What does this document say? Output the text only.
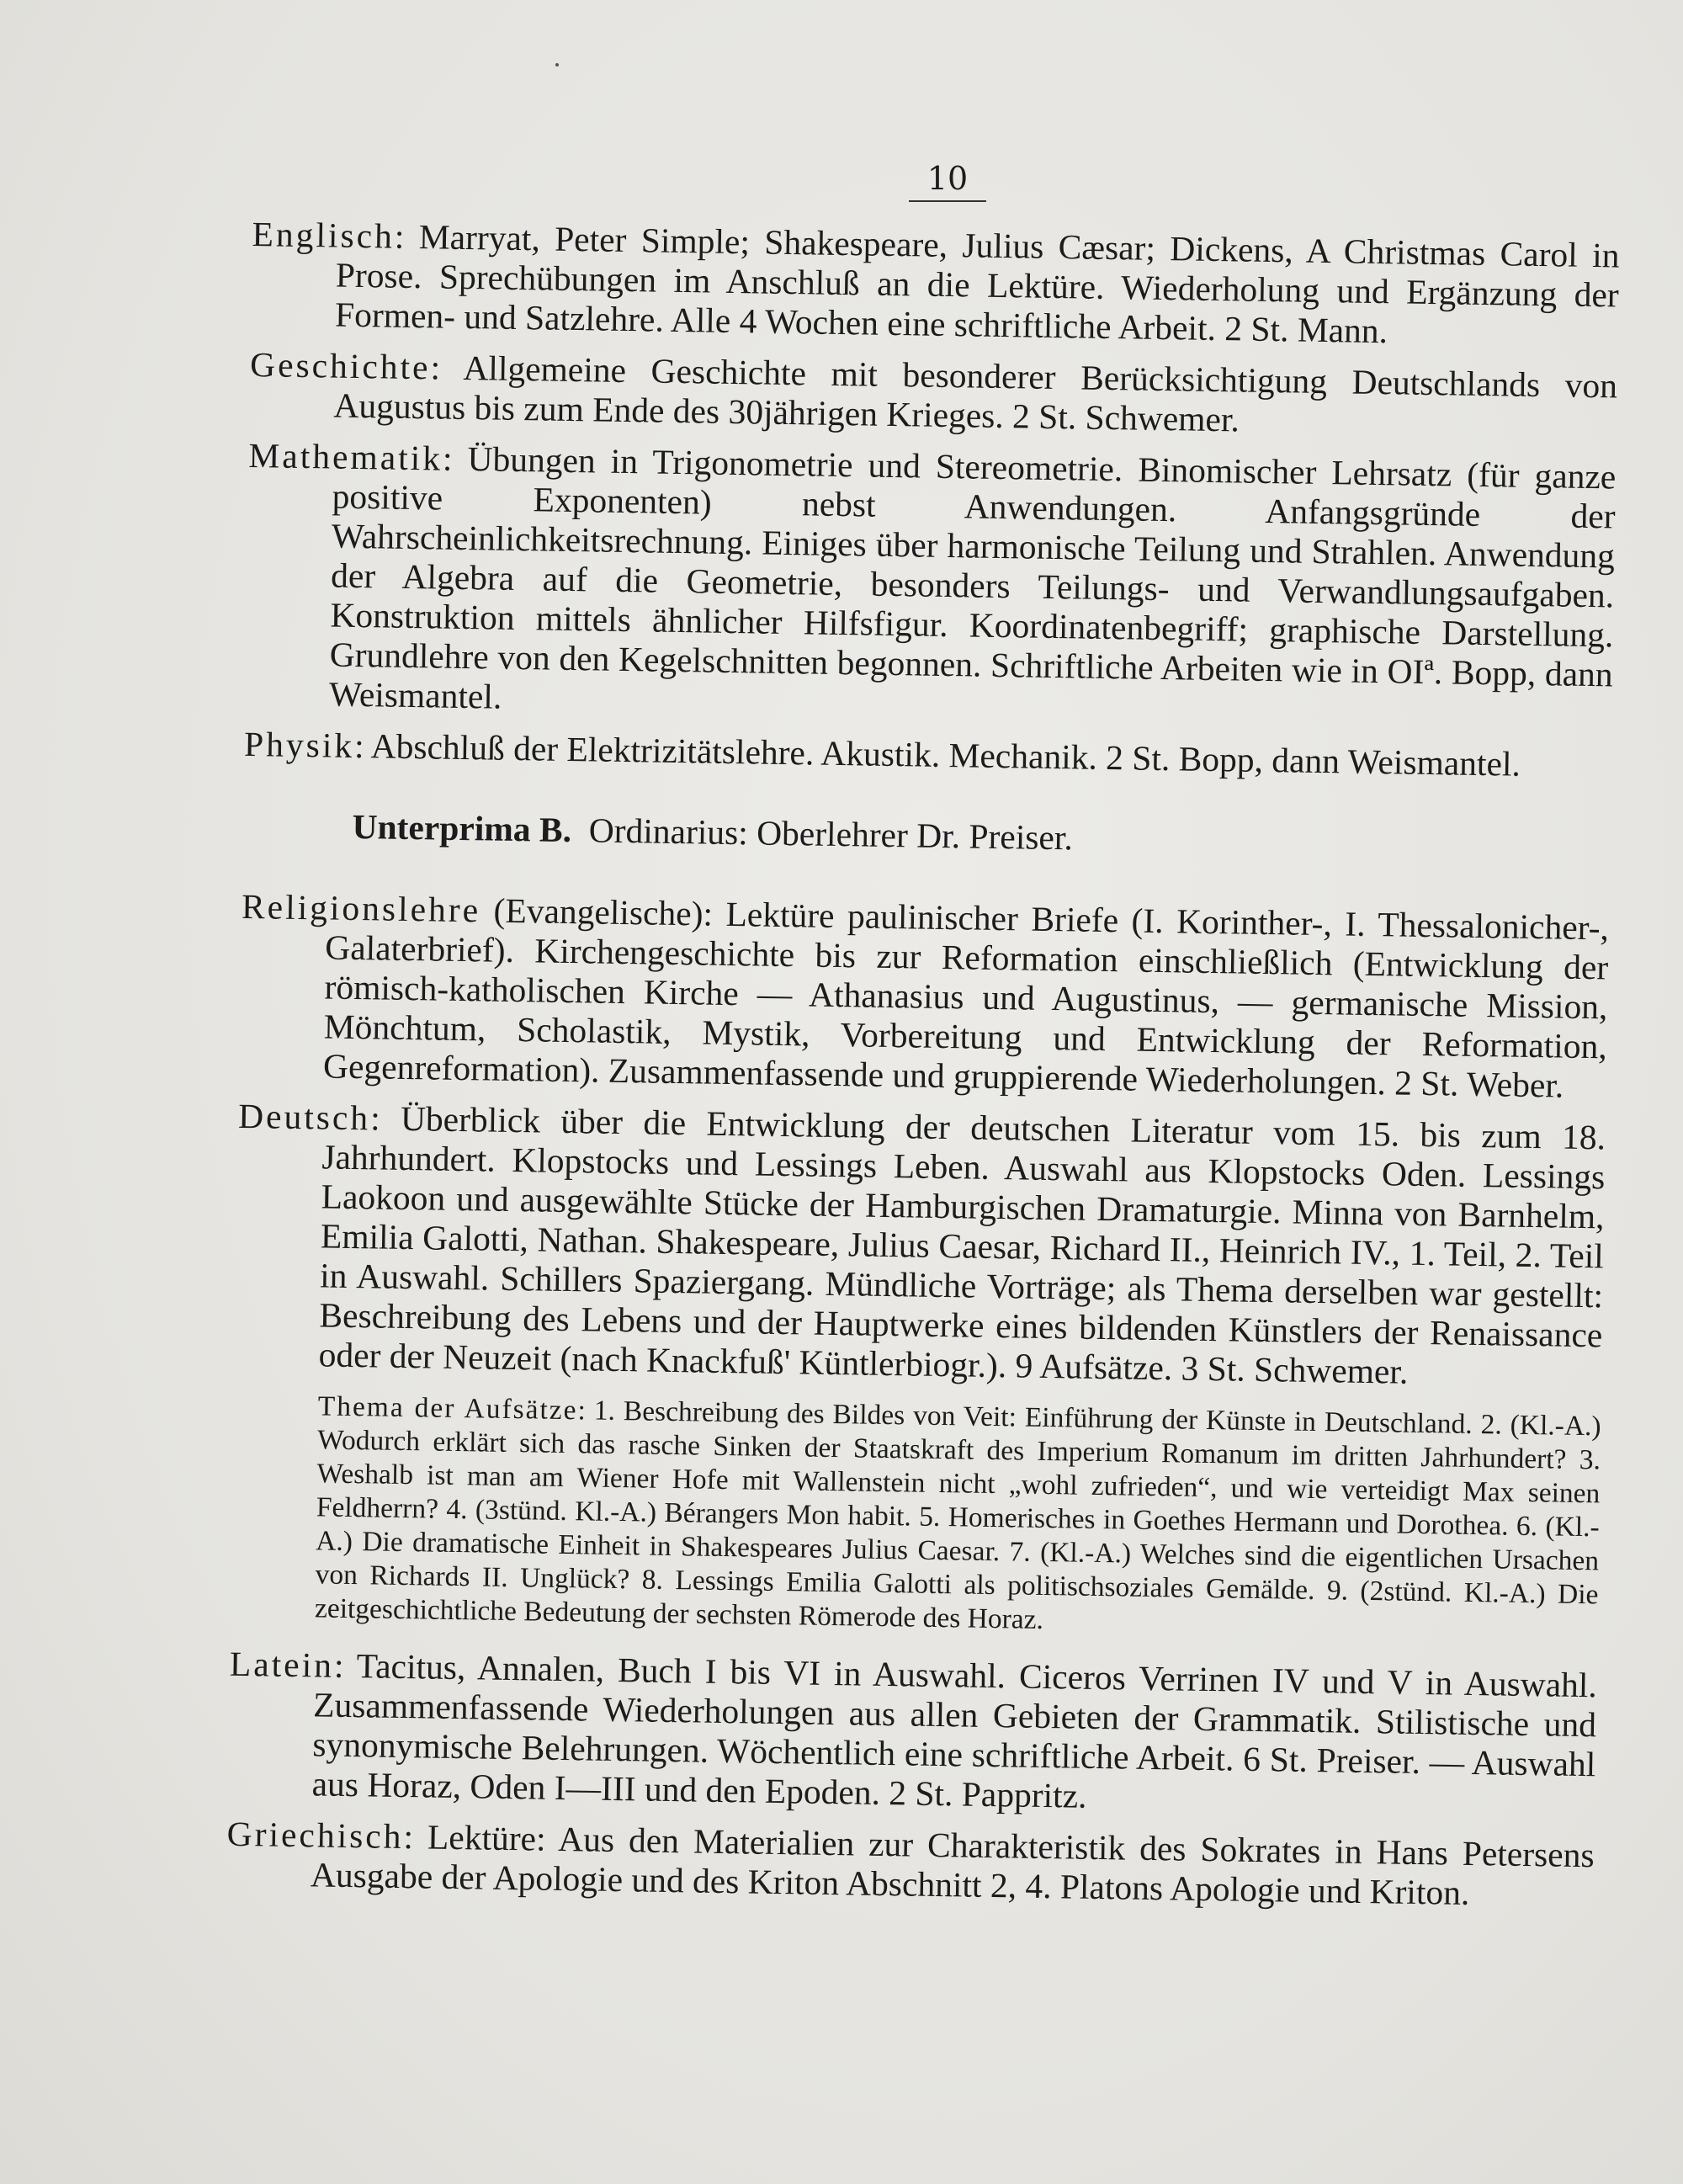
10

Englisch: Marryat, Peter Simple; Shakespeare, Julius Cæsar; Dickens, A Christmas Carol in Prose. Sprechübungen im Anschluß an die Lektüre. Wiederholung und Ergänzung der Formen- und Satzlehre. Alle 4 Wochen eine schriftliche Arbeit. 2 St. Mann.

Geschichte: Allgemeine Geschichte mit besonderer Berücksichtigung Deutschlands von Augustus bis zum Ende des 30jährigen Krieges. 2 St. Schwemer.

Mathematik: Übungen in Trigonometrie und Stereometrie. Binomischer Lehrsatz (für ganze positive Exponenten) nebst Anwendungen. Anfangsgründe der Wahrscheinlichkeitsrechnung. Einiges über harmonische Teilung und Strahlen. Anwendung der Algebra auf die Geometrie, besonders Teilungs- und Verwandlungsaufgaben. Konstruktion mittels ähnlicher Hilfsfigur. Koordinatenbegriff; graphische Darstellung. Grundlehre von den Kegelschnitten begonnen. Schriftliche Arbeiten wie in OIª. Bopp, dann Weismantel.

Physik: Abschluß der Elektrizitätslehre. Akustik. Mechanik. 2 St. Bopp, dann Weismantel.

Unterprima B. Ordinarius: Oberlehrer Dr. Preiser.

Religionslehre (Evangelische): Lektüre paulinischer Briefe (I. Korinther-, I. Thessalonicher-, Galaterbrief). Kirchengeschichte bis zur Reformation einschließlich (Entwicklung der römisch-katholischen Kirche — Athanasius und Augustinus, — germanische Mission, Mönchtum, Scholastik, Mystik, Vorbereitung und Entwicklung der Reformation, Gegenreformation). Zusammenfassende und gruppierende Wiederholungen. 2 St. Weber.

Deutsch: Überblick über die Entwicklung der deutschen Literatur vom 15. bis zum 18. Jahrhundert. Klopstocks und Lessings Leben. Auswahl aus Klopstocks Oden. Lessings Laokoon und ausgewählte Stücke der Hamburgischen Dramaturgie. Minna von Barnhelm, Emilia Galotti, Nathan. Shakespeare, Julius Caesar, Richard II., Heinrich IV., 1. Teil, 2. Teil in Auswahl. Schillers Spaziergang. Mündliche Vorträge; als Thema derselben war gestellt: Beschreibung des Lebens und der Hauptwerke eines bildenden Künstlers der Renaissance oder der Neuzeit (nach Knackfuß' Küntlerbiogr.). 9 Aufsätze. 3 St. Schwemer.

Thema der Aufsätze: 1. Beschreibung des Bildes von Veit: Einführung der Künste in Deutschland. 2. (Kl.-A.) Wodurch erklärt sich das rasche Sinken der Staatskraft des Imperium Romanum im dritten Jahrhundert? 3. Weshalb ist man am Wiener Hofe mit Wallenstein nicht „wohl zufrieden“, und wie verteidigt Max seinen Feldherrn? 4. (3stünd. Kl.-A.) Bérangers Mon habit. 5. Homerisches in Goethes Hermann und Dorothea. 6. (Kl.-A.) Die dramatische Einheit in Shakespeares Julius Caesar. 7. (Kl.-A.) Welches sind die eigentlichen Ursachen von Richards II. Unglück? 8. Lessings Emilia Galotti als politischsoziales Gemälde. 9. (2stünd. Kl.-A.) Die zeitgeschichtliche Bedeutung der sechsten Römerode des Horaz.

Latein: Tacitus, Annalen, Buch I bis VI in Auswahl. Ciceros Verrinen IV und V in Auswahl. Zusammenfassende Wiederholungen aus allen Gebieten der Grammatik. Stilistische und synonymische Belehrungen. Wöchentlich eine schriftliche Arbeit. 6 St. Preiser. — Auswahl aus Horaz, Oden I—III und den Epoden. 2 St. Pappritz.

Griechisch: Lektüre: Aus den Materialien zur Charakteristik des Sokrates in Hans Petersens Ausgabe der Apologie und des Kriton Abschnitt 2, 4. Platons Apologie und Kriton.
